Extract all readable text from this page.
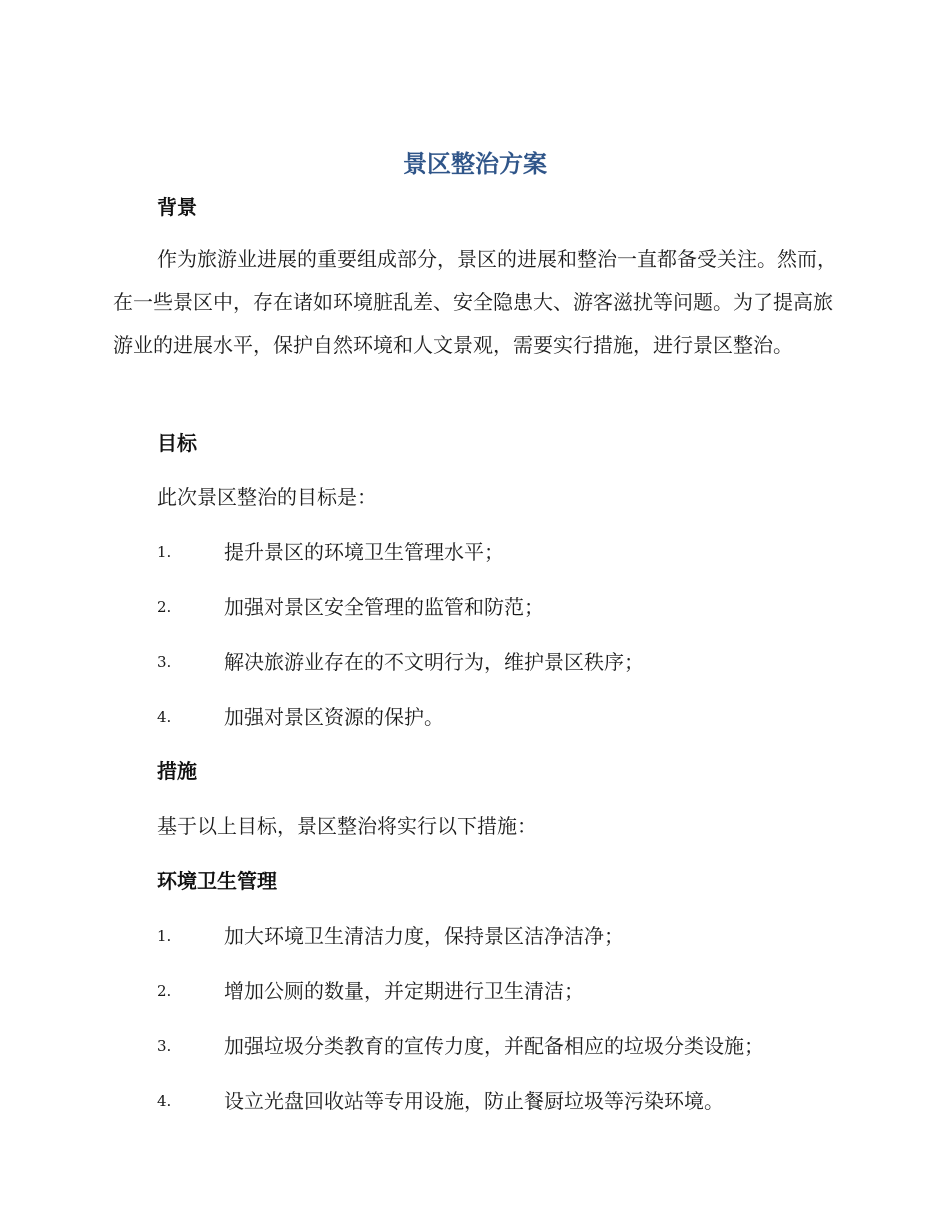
景区整治方案
背景
作为旅游业进展的重要组成部分，景区的进展和整治一直都备受关注。然而，在一些景区中，存在诸如环境脏乱差、安全隐患大、游客滋扰等问题。为了提高旅游业的进展水平，保护自然环境和人文景观，需要实行措施，进行景区整治。
目标
此次景区整治的目标是：
1.	提升景区的环境卫生管理水平；
2.	加强对景区安全管理的监管和防范；
3.	解决旅游业存在的不文明行为，维护景区秩序；
4.	加强对景区资源的保护。
措施
基于以上目标，景区整治将实行以下措施：
环境卫生管理
1.	加大环境卫生清洁力度，保持景区洁净洁净；
2.	增加公厕的数量，并定期进行卫生清洁；
3.	加强垃圾分类教育的宣传力度，并配备相应的垃圾分类设施；
4.	设立光盘回收站等专用设施，防止餐厨垃圾等污染环境。
